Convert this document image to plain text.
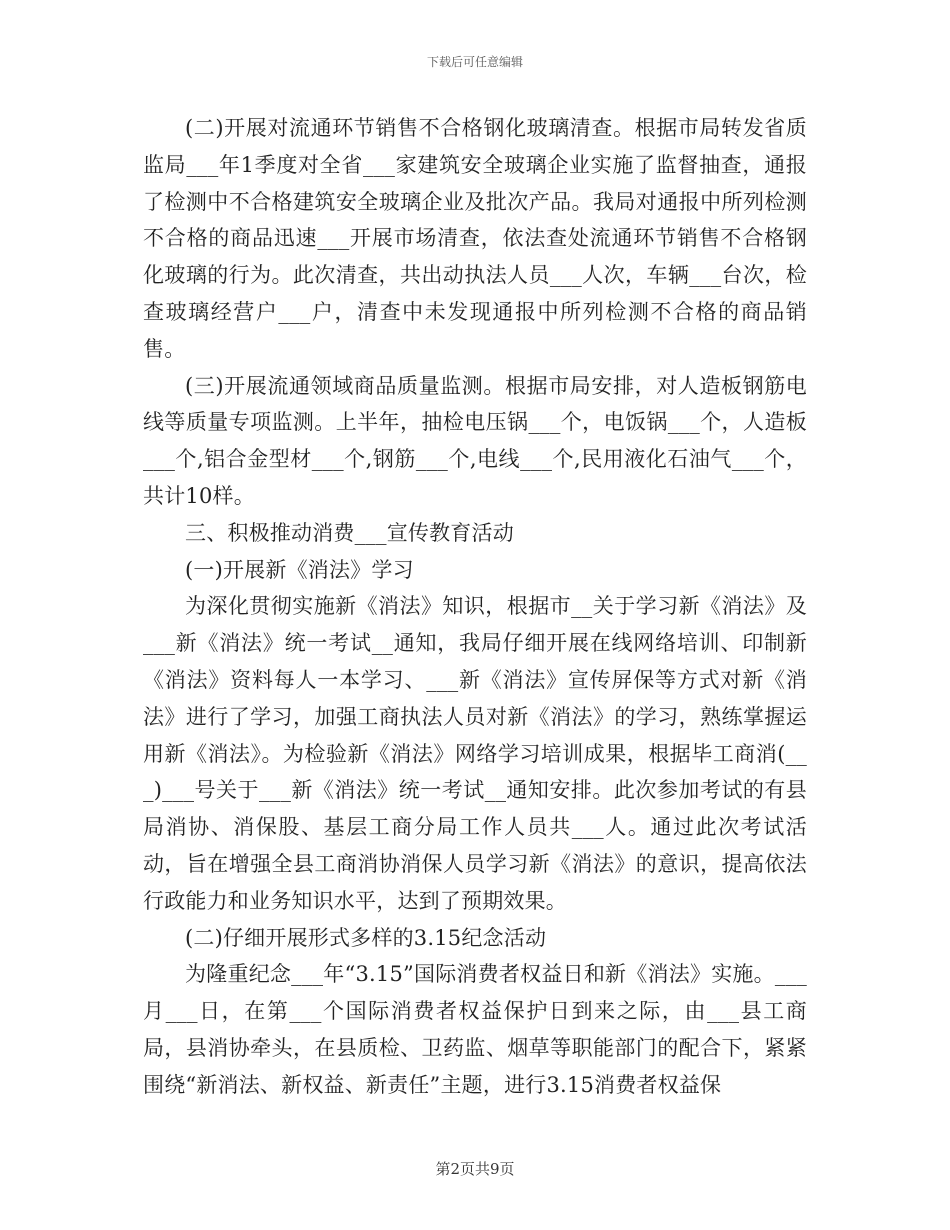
下载后可任意编辑

(二)开展对流通环节销售不合格钢化玻璃清查。根据市局转发省质监局___年1季度对全省___家建筑安全玻璃企业实施了监督抽查，通报了检测中不合格建筑安全玻璃企业及批次产品。我局对通报中所列检测不合格的商品迅速___开展市场清查，依法查处流通环节销售不合格钢化玻璃的行为。此次清查，共出动执法人员___人次，车辆___台次，检查玻璃经营户___户，清查中未发现通报中所列检测不合格的商品销售。

(三)开展流通领域商品质量监测。根据市局安排，对人造板钢筋电线等质量专项监测。上半年，抽检电压锅___个，电饭锅___个，人造板___个,铝合金型材___个,钢筋___个,电线___个,民用液化石油气___个，共计10样。

三、积极推动消费___宣传教育活动

(一)开展新《消法》学习

为深化贯彻实施新《消法》知识，根据市__关于学习新《消法》及___新《消法》统一考试__通知，我局仔细开展在线网络培训、印制新《消法》资料每人一本学习、___新《消法》宣传屏保等方式对新《消法》进行了学习，加强工商执法人员对新《消法》的学习，熟练掌握运用新《消法》。为检验新《消法》网络学习培训成果，根据毕工商消(___)___号关于___新《消法》统一考试__通知安排。此次参加考试的有县局消协、消保股、基层工商分局工作人员共___人。通过此次考试活动，旨在增强全县工商消协消保人员学习新《消法》的意识，提高依法行政能力和业务知识水平，达到了预期效果。

(二)仔细开展形式多样的3.15纪念活动

为隆重纪念___年“3.15”国际消费者权益日和新《消法》实施。___月___日，在第___个国际消费者权益保护日到来之际，由___县工商局，县消协牵头，在县质检、卫药监、烟草等职能部门的配合下，紧紧围绕“新消法、新权益、新责任”主题，进行3.15消费者权益保

第2页共9页
